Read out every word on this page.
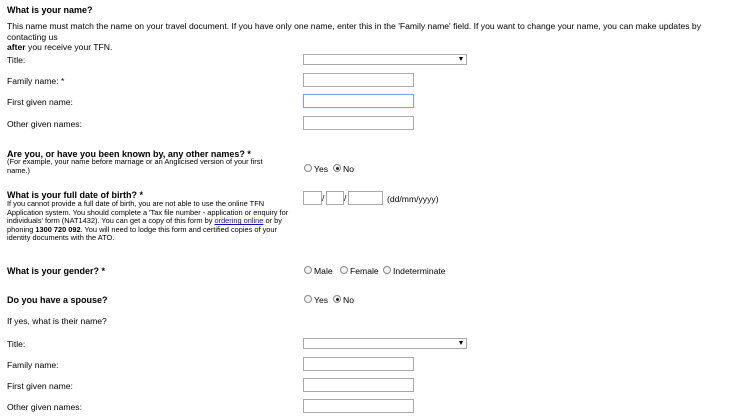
What is your name?
This name must match the name on your travel document. If you have only one name, enter this in the 'Family name' field. If you want to change your name, you can make updates by contacting us
after you receive your TFN.
Title:
Family name: *
First given name:
Other given names:
Are you, or have you been known by, any other names? *
(For example, your name before marriage or an Anglicised version of your first name.)	Yes No
What is your full date of birth? *
If you cannot provide a full date of birth, you are not able to use the online TFN Application system. You should complete a 'Tax file number - application or enquiry for individuals' form (NAT1432). You can get a copy of this form by ordering online or by phoning 1300 720 092. You will need to lodge this form and certified copies of your identity documents with the ATO.
/ /	(dd/mm/yyyy)
What is your gender? *	Male Female Indeterminate
Do you have a spouse?	Yes No
If yes, what is their name?
Title:
Family name:
First given name:
Other given names:
